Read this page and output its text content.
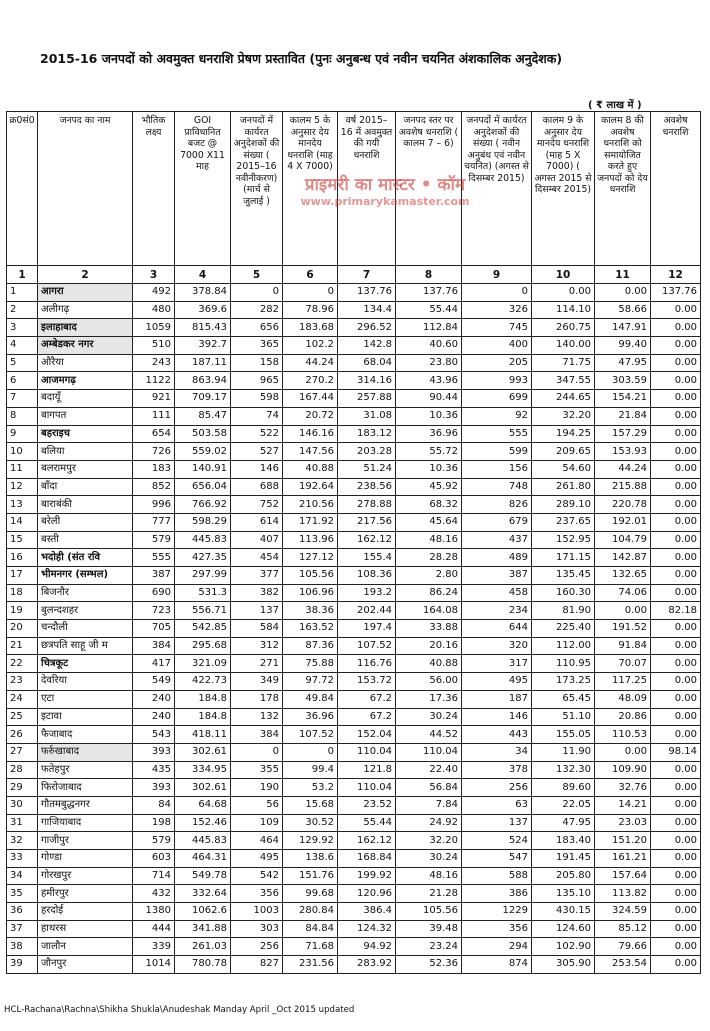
2015-16 जनपदों को अवमुक्त धनराशि प्रेषण प्रस्तावित (पुनः अनुबन्ध एवं नवीन चयनित अंशकालिक अनुदेशक)
( ₹ लाख में )
क्र0सं0	जनपद का नाम	भौतिक लक्ष्य	GOI प्राविधानित बजट @ 7000 X11 माह	जनपदों में कार्यरत अनुदेशकों की संख्या ( 2015–16 नवीनीकरण) (मार्च से जुलाई )	कालम 5 के अनुसार देय मानदेय धनराशि (माह 4 X 7000)	वर्ष 2015–16 में अवमुक्त की गयी धनराशि	जनपद स्तर पर अवशेष धनराशि ( कालम 7 – 6)	जनपदों में कार्यरत अनुदेशकों की संख्या ( नवीन अनुबंध एवं नवीन चयनित) (अगस्त से दिसम्बर 2015)	कालम 9 के अनुसार देय मानदेय धनराशि (माह 5 X 7000) ( अगस्त 2015 से दिसम्बर 2015)	कालम 8 की अवशेष धनराशि को समायोजित करते हुए जनपदों को देय धनराशि	अवशेष धनराशि
1	2	3	4	5	6	7	8	9	10	11	12
1	आगरा	492	378.84	0	0	137.76	137.76	0	0.00	0.00	137.76
2	अलीगढ़	480	369.6	282	78.96	134.4	55.44	326	114.10	58.66	0.00
3	इलाहाबाद	1059	815.43	656	183.68	296.52	112.84	745	260.75	147.91	0.00
4	अम्बेडकर नगर	510	392.7	365	102.2	142.8	40.60	400	140.00	99.40	0.00
5	औरैया	243	187.11	158	44.24	68.04	23.80	205	71.75	47.95	0.00
6	आजमगढ़	1122	863.94	965	270.2	314.16	43.96	993	347.55	303.59	0.00
7	बदायूँ	921	709.17	598	167.44	257.88	90.44	699	244.65	154.21	0.00
8	बागपत	111	85.47	74	20.72	31.08	10.36	92	32.20	21.84	0.00
9	बहराइच	654	503.58	522	146.16	183.12	36.96	555	194.25	157.29	0.00
10	बलिया	726	559.02	527	147.56	203.28	55.72	599	209.65	153.93	0.00
11	बलरामपुर	183	140.91	146	40.88	51.24	10.36	156	54.60	44.24	0.00
12	बाँदा	852	656.04	688	192.64	238.56	45.92	748	261.80	215.88	0.00
13	बाराबंकी	996	766.92	752	210.56	278.88	68.32	826	289.10	220.78	0.00
14	बरेली	777	598.29	614	171.92	217.56	45.64	679	237.65	192.01	0.00
15	बस्ती	579	445.83	407	113.96	162.12	48.16	437	152.95	104.79	0.00
16	भदोही (संत रवि	555	427.35	454	127.12	155.4	28.28	489	171.15	142.87	0.00
17	भीमनगर (सम्भल)	387	297.99	377	105.56	108.36	2.80	387	135.45	132.65	0.00
18	बिजनौर	690	531.3	382	106.96	193.2	86.24	458	160.30	74.06	0.00
19	बुलन्दशहर	723	556.71	137	38.36	202.44	164.08	234	81.90	0.00	82.18
20	चन्दौली	705	542.85	584	163.52	197.4	33.88	644	225.40	191.52	0.00
21	छत्रपति साहू जी म	384	295.68	312	87.36	107.52	20.16	320	112.00	91.84	0.00
22	चित्रकूट	417	321.09	271	75.88	116.76	40.88	317	110.95	70.07	0.00
23	देवरिया	549	422.73	349	97.72	153.72	56.00	495	173.25	117.25	0.00
24	एटा	240	184.8	178	49.84	67.2	17.36	187	65.45	48.09	0.00
25	इटावा	240	184.8	132	36.96	67.2	30.24	146	51.10	20.86	0.00
26	फैजाबाद	543	418.11	384	107.52	152.04	44.52	443	155.05	110.53	0.00
27	फर्रुखाबाद	393	302.61	0	0	110.04	110.04	34	11.90	0.00	98.14
28	फतेहपुर	435	334.95	355	99.4	121.8	22.40	378	132.30	109.90	0.00
29	फिरोजाबाद	393	302.61	190	53.2	110.04	56.84	256	89.60	32.76	0.00
30	गौतमबुद्धनगर	84	64.68	56	15.68	23.52	7.84	63	22.05	14.21	0.00
31	गाजियाबाद	198	152.46	109	30.52	55.44	24.92	137	47.95	23.03	0.00
32	गाजीपुर	579	445.83	464	129.92	162.12	32.20	524	183.40	151.20	0.00
33	गोण्डा	603	464.31	495	138.6	168.84	30.24	547	191.45	161.21	0.00
34	गोरखपुर	714	549.78	542	151.76	199.92	48.16	588	205.80	157.64	0.00
35	हमीरपुर	432	332.64	356	99.68	120.96	21.28	386	135.10	113.82	0.00
36	हरदोई	1380	1062.6	1003	280.84	386.4	105.56	1229	430.15	324.59	0.00
37	हाथरस	444	341.88	303	84.84	124.32	39.48	356	124.60	85.12	0.00
38	जालौन	339	261.03	256	71.68	94.92	23.24	294	102.90	79.66	0.00
39	जौनपुर	1014	780.78	827	231.56	283.92	52.36	874	305.90	253.54	0.00
प्राइमरी का मास्टर • कॉम
www.primarykamaster.com
HCL-Rachana\Rachna\Shikha Shukla\Anudeshak Manday April _Oct 2015 updated
